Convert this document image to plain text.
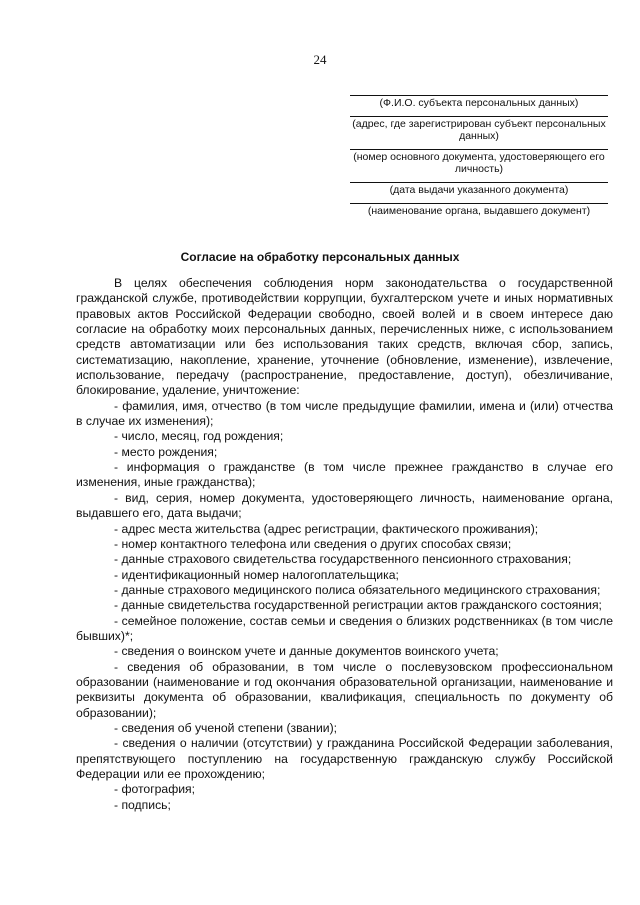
24
(Ф.И.О. субъекта персональных данных)
(адрес, где зарегистрирован субъект персональных данных)
(номер основного документа, удостоверяющего его личность)
(дата выдачи указанного документа)
(наименование органа, выдавшего документ)
Согласие на обработку персональных данных

В целях обеспечения соблюдения норм законодательства о государственной гражданской службе, противодействии коррупции, бухгалтерском учете и иных нормативных правовых актов Российской Федерации свободно, своей волей и в своем интересе даю согласие на обработку моих персональных данных, перечисленных ниже, с использованием средств автоматизации или без использования таких средств, включая сбор, запись, систематизацию, накопление, хранение, уточнение (обновление, изменение), извлечение, использование, передачу (распространение, предоставление, доступ), обезличивание, блокирование, удаление, уничтожение:

- фамилия, имя, отчество (в том числе предыдущие фамилии, имена и (или) отчества в случае их изменения);
- число, месяц, год рождения;
- место рождения;
- информация о гражданстве (в том числе прежнее гражданство в случае его изменения, иные гражданства);
- вид, серия, номер документа, удостоверяющего личность, наименование органа, выдавшего его, дата выдачи;
- адрес места жительства (адрес регистрации, фактического проживания);
- номер контактного телефона или сведения о других способах связи;
- данные страхового свидетельства государственного пенсионного страхования;
- идентификационный номер налогоплательщика;
- данные страхового медицинского полиса обязательного медицинского страхования;
- данные свидетельства государственной регистрации актов гражданского состояния;
- семейное положение, состав семьи и сведения о близких родственниках (в том числе бывших)*;
- сведения о воинском учете и данные документов воинского учета;
- сведения об образовании, в том числе о послевузовском профессиональном образовании (наименование и год окончания образовательной организации, наименование и реквизиты документа об образовании, квалификация, специальность по документу об образовании);
- сведения об ученой степени (звании);
- сведения о наличии (отсутствии) у гражданина Российской Федерации заболевания, препятствующего поступлению на государственную гражданскую службу Российской Федерации или ее прохождению;
- фотография;
- подпись;
